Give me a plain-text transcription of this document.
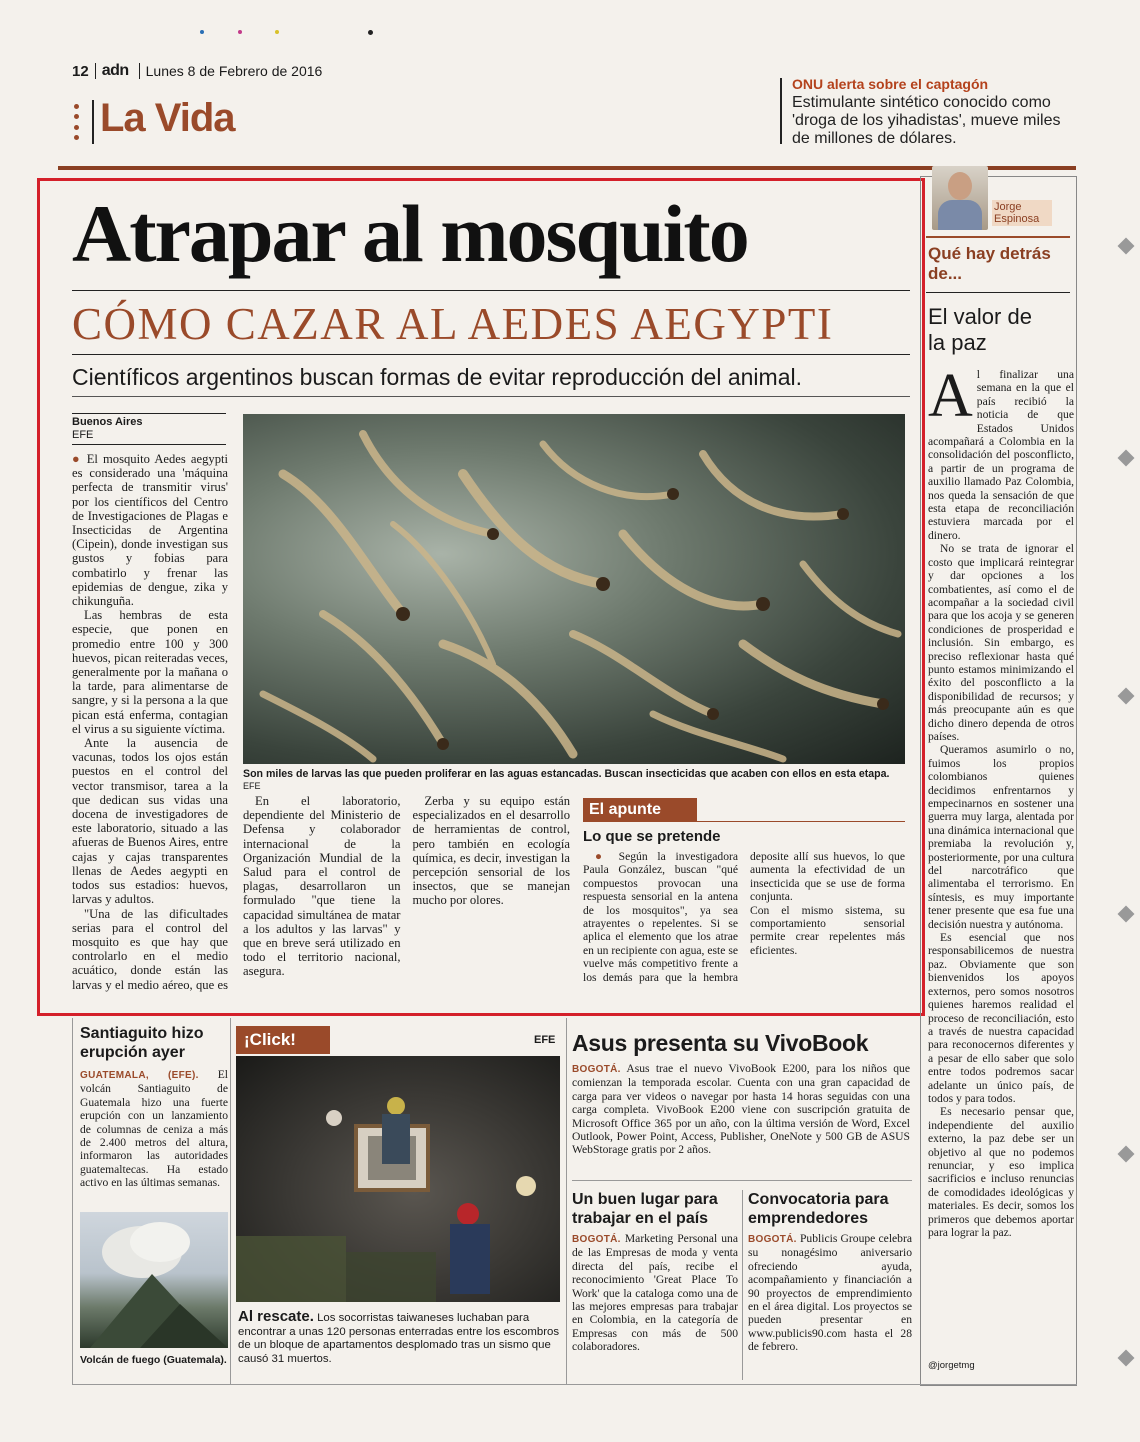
12 adn Lunes 8 de Febrero de 2016
La Vida
ONU alerta sobre el captagón
Estimulante sintético conocido como 'droga de los yihadistas', mueve miles de millones de dólares.
Atrapar al mosquito
CÓMO CAZAR AL AEDES AEGYPTI
Científicos argentinos buscan formas de evitar reproducción del animal.
Buenos Aires
EFE
Son miles de larvas las que pueden proliferar en las aguas estancadas. Buscan insecticidas que acaben con ellos en esta etapa. EFE

● El mosquito Aedes aegypti es considerado una 'máquina perfecta de transmitir virus' por los científicos del Centro de Investigaciones de Plagas e Insecticidas de Argentina (Cipein), donde investigan sus gustos y fobias para combatirlo y frenar las epidemias de dengue, zika y chikunguña.

Las hembras de esta especie, que ponen en promedio entre 100 y 300 huevos, pican reiteradas veces, generalmente por la mañana o la tarde, para alimentarse de sangre, y si la persona a la que pican está enferma, contagian el virus a su siguiente víctima.

Ante la ausencia de vacunas, todos los ojos están puestos en el control del vector transmisor, tarea a la que dedican sus vidas una docena de investigadores de este laboratorio, situado a las afueras de Buenos Aires, entre cajas y cajas transparentes llenas de Aedes aegypti en todos sus estadios: huevos, larvas y adultos.

"Una de las dificultades serias para el control del mosquito es que hay que controlarlo en el medio acuático, donde están las larvas y el medio aéreo, que es

En el laboratorio, dependiente del Ministerio de Defensa y colaborador internacional de la Organización Mundial de la Salud para el control de plagas, desarrollaron un formulado "que tiene la capacidad simultánea de matar a los adultos y las larvas" y que en breve será utilizado en todo el territorio nacional, asegura.

Zerba y su equipo están especializados en el desarrollo de herramientas de control, pero también en ecología química, es decir, investigan la percepción sensorial de los insectos, que se manejan mucho por olores.

El apunte
Lo que se pretende

● Según la investigadora Paula González, buscan "qué compuestos provocan una respuesta sensorial en la antena de los mosquitos", ya sea atrayentes o repelentes. Si se aplica el elemento que los atrae en un recipiente con agua, este se vuelve más competitivo frente a los demás para que la hembra deposite allí sus huevos, lo que aumenta la efectividad de un insecticida que se use de forma conjunta.

Con el mismo sistema, su comportamiento sensorial permite crear repelentes más eficientes.

Jorge Espinosa
Qué hay detrás de...
El valor de la paz

Al finalizar una semana en la que el país recibió la noticia de que Estados Unidos acompañará a Colombia en la consolidación del posconflicto, a partir de un programa de auxilio llamado Paz Colombia, nos queda la sensación de que esta etapa de reconciliación estuviera marcada por el dinero.

No se trata de ignorar el costo que implicará reintegrar y dar opciones a los combatientes, así como el de acompañar a la sociedad civil para que los acoja y se generen condiciones de prosperidad e inclusión. Sin embargo, es preciso reflexionar hasta qué punto estamos minimizando el éxito del posconflicto a la disponibilidad de recursos; y más preocupante aún es que dicho dinero dependa de otros países.

Queramos asumirlo o no, fuimos los propios colombianos quienes decidimos enfrentarnos y empecinarnos en sostener una guerra muy larga, alentada por una dinámica internacional que premiaba la revolución y, posteriormente, por una cultura del narcotráfico que alimentaba el terrorismo. En síntesis, es muy importante tener presente que esa fue una decisión nuestra y autónoma.

Es esencial que nos responsabilicemos de nuestra paz. Obviamente que son bienvenidos los apoyos externos, pero somos nosotros quienes haremos realidad el proceso de reconciliación, esto a través de nuestra capacidad para reconocernos diferentes y a pesar de ello saber que solo entre todos podremos sacar adelante un único país, de todos y para todos.

Es necesario pensar que, independiente del auxilio externo, la paz debe ser un objetivo al que no podemos renunciar, y eso implica sacrificios e incluso renuncias de comodidades ideológicas y materiales. Es decir, somos los primeros que debemos aportar para lograr la paz.

@jorgetmg
Santiaguito hizo erupción ayer
GUATEMALA, (EFE). El volcán Santiaguito de Guatemala hizo una fuerte erupción con un lanzamiento de columnas de ceniza a más de 2.400 metros del altura, informaron las autoridades guatemaltecas. Ha estado activo en las últimas semanas.
Volcán de fuego (Guatemala).
¡Click!	EFE
Al rescate. Los socorristas taiwaneses luchaban para encontrar a unas 120 personas enterradas entre los escombros de un bloque de apartamentos desplomado tras un sismo que causó 31 muertos.
Asus presenta su VivoBook
BOGOTÁ. Asus trae el nuevo VivoBook E200, para los niños que comienzan la temporada escolar. Cuenta con una gran capacidad de carga para ver videos o navegar por hasta 14 horas seguidas con una carga completa. VivoBook E200 viene con suscripción gratuita de Microsoft Office 365 por un año, con la última versión de Word, Excel Outlook, Power Point, Access, Publisher, OneNote y 500 GB de ASUS WebStorage gratis por 2 años.
Un buen lugar para trabajar en el país
BOGOTÁ. Marketing Personal una de las Empresas de moda y venta directa del país, recibe el reconocimiento 'Great Place To Work' que la cataloga como una de las mejores empresas para trabajar en Colombia, en la categoría de Empresas con más de 500 colaboradores.
Convocatoria para emprendedores
BOGOTÁ. Publicis Groupe celebra su nonagésimo aniversario ofreciendo ayuda, acompañamiento y financiación a 90 proyectos de emprendimiento en el área digital. Los proyectos se pueden presentar en www.publicis90.com hasta el 28 de febrero.
